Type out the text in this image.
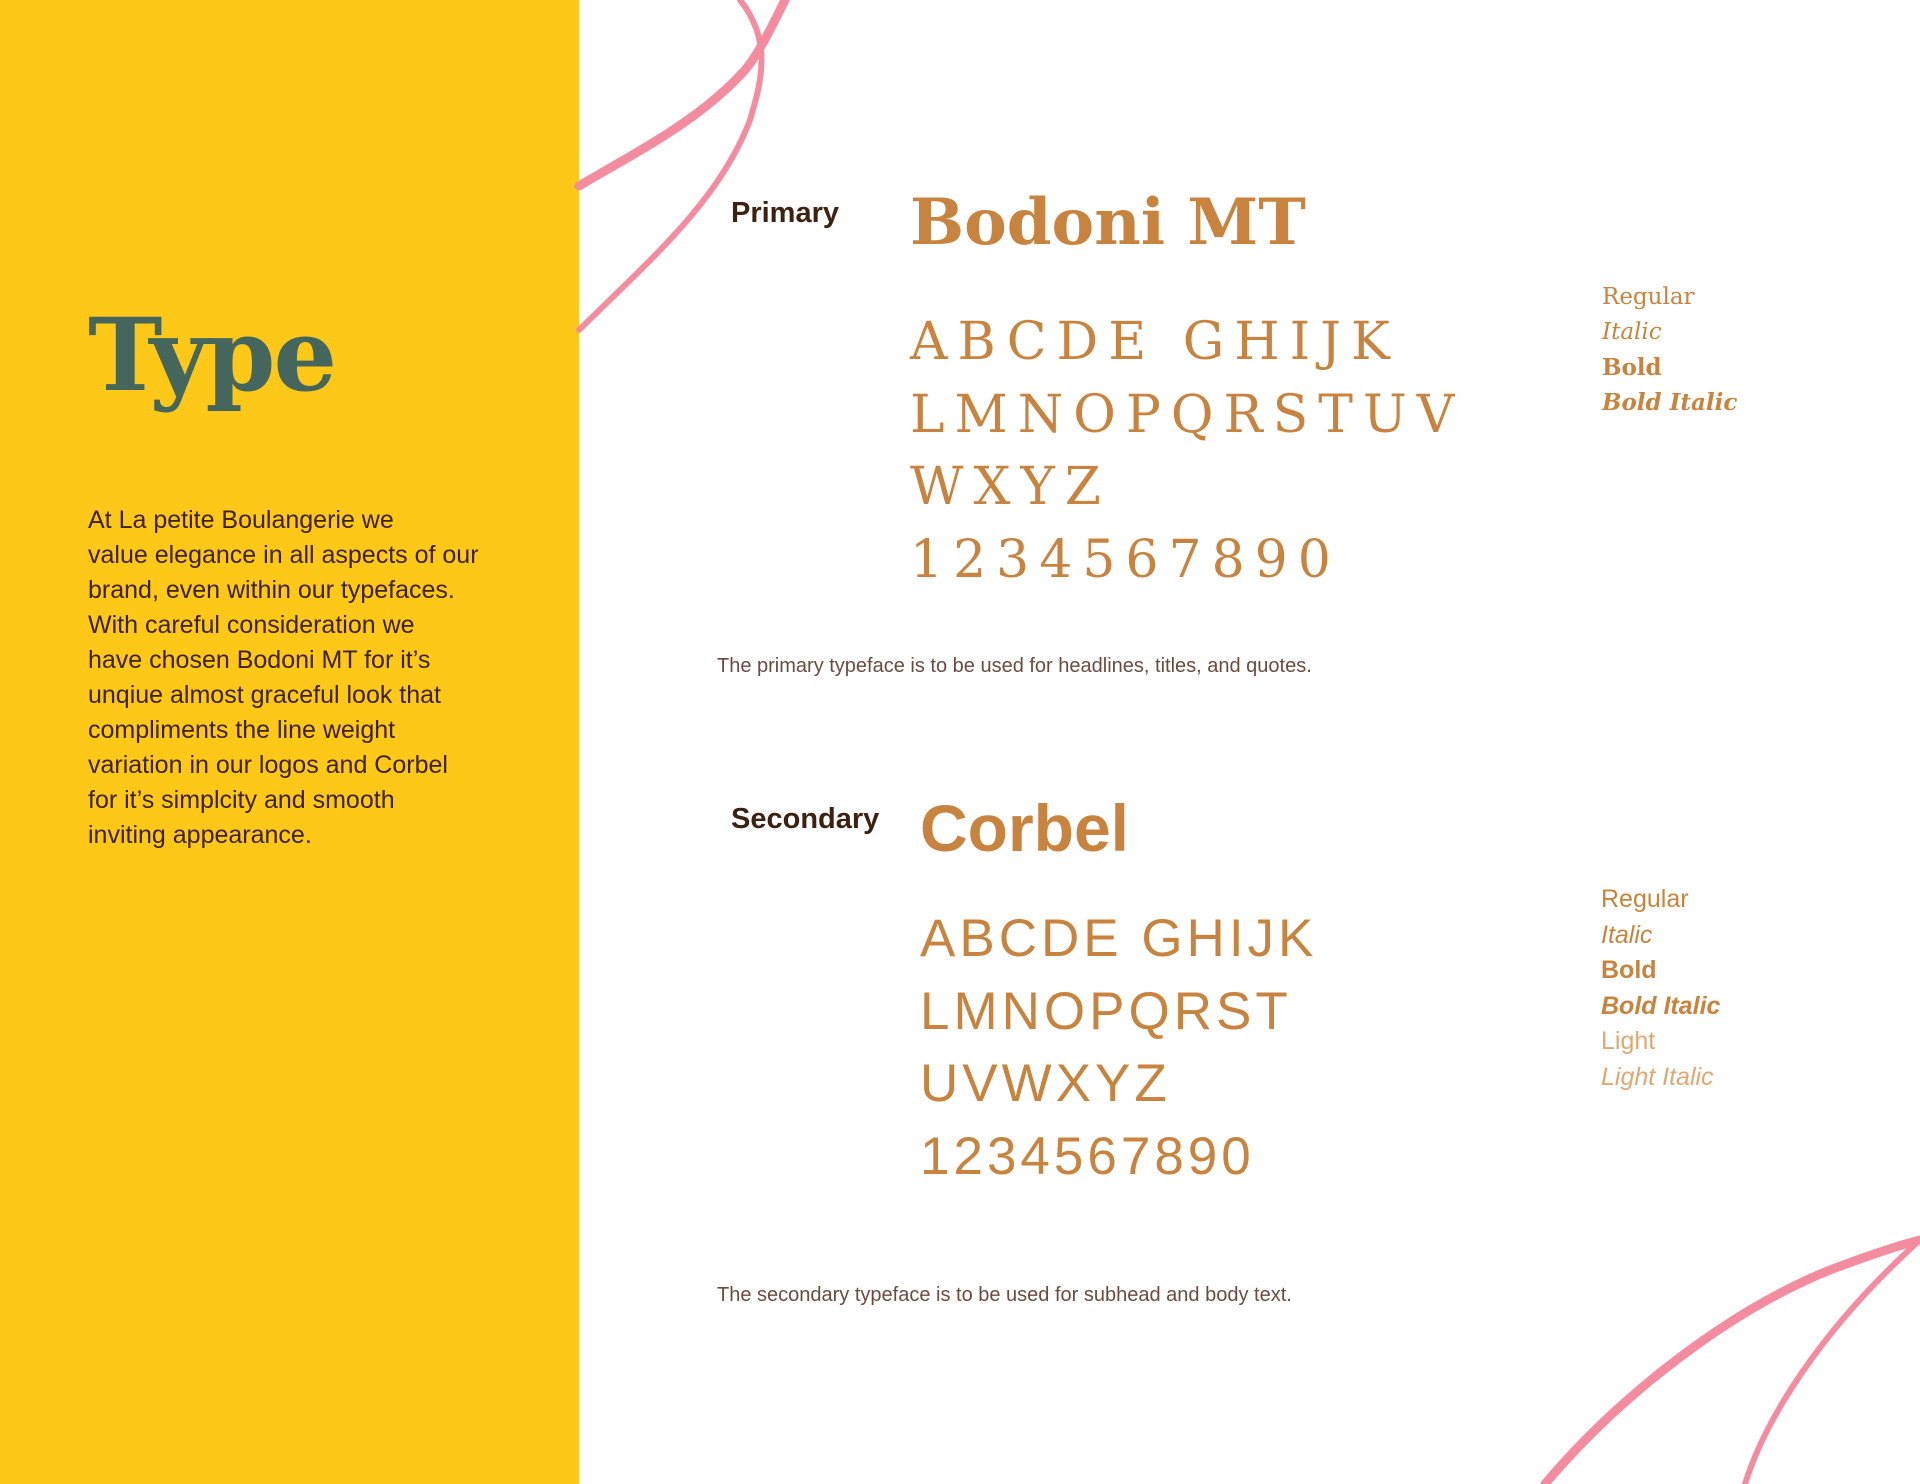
Type

At La petite Boulangerie we
value elegance in all aspects of our
brand, even within our typefaces.
With careful consideration we
have chosen Bodoni MT for it’s
unqiue almost graceful look that
compliments the line weight
variation in our logos and Corbel
for it’s simplcity and smooth
inviting appearance.

Primary Bodoni MT
ABCDE GHIJK
LMNOPQRSTUV
WXYZ
1234567890
Regular
Italic
Bold
Bold Italic

The primary typeface is to be used for headlines, titles, and quotes.

Secondary Corbel
ABCDE GHIJK
LMNOPQRST
UVWXYZ
1234567890
Regular
Italic
Bold
Bold Italic
Light
Light Italic

The secondary typeface is to be used for subhead and body text.
